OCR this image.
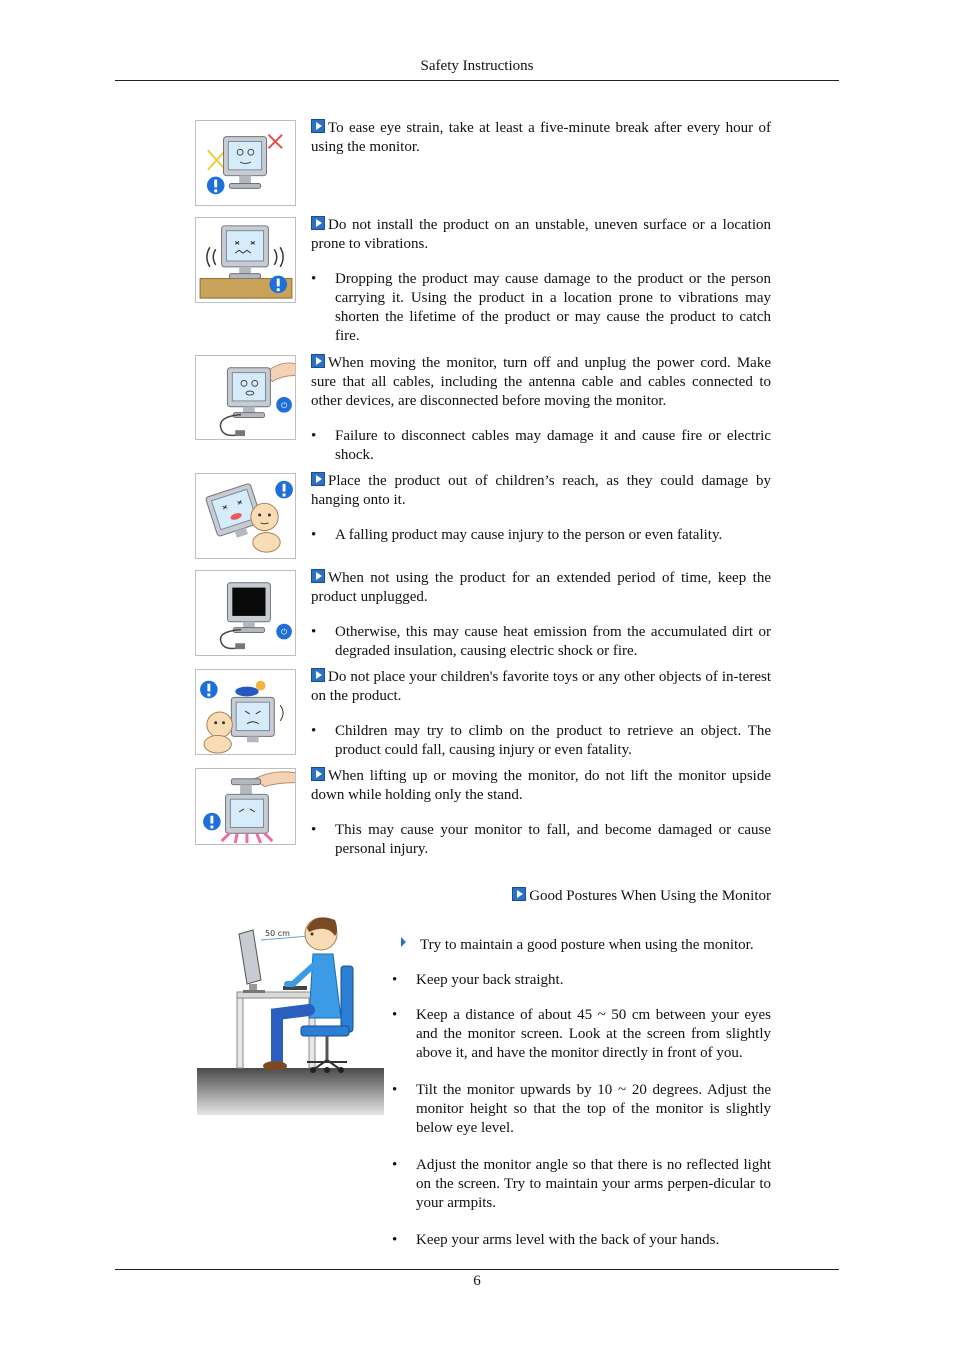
Safety Instructions

To ease eye strain, take at least a five-minute break after every hour of using the monitor.

Do not install the product on an unstable, uneven surface or a location prone to vibrations.

• Dropping the product may cause damage to the product or the person carrying it. Using the product in a location prone to vibrations may shorten the lifetime of the product or may cause the product to catch fire.
⏻

When moving the monitor, turn off and unplug the power cord. Make sure that all cables, including the antenna cable and cables connected to other devices, are disconnected before moving the monitor.

• Failure to disconnect cables may damage it and cause fire or electric shock.

Place the product out of children’s reach, as they could damage by hanging onto it.

• A falling product may cause injury to the person or even fatality.
⏻

When not using the product for an extended period of time, keep the product unplugged.

• Otherwise, this may cause heat emission from the accumulated dirt or degraded insulation, causing electric shock or fire.

Do not place your children's favorite toys or any other objects of in-terest on the product.

• Children may try to climb on the product to retrieve an object. The product could fall, causing injury or even fatality.

When lifting up or moving the monitor, do not lift the monitor upside down while holding only the stand.

• This may cause your monitor to fall, and become damaged or cause personal injury.
Good Postures When Using the Monitor
50 cm

Try to maintain a good posture when using the monitor.

• Keep your back straight.
• Keep a distance of about 45 ~ 50 cm between your eyes and the monitor screen. Look at the screen from slightly above it, and have the monitor directly in front of you.
• Tilt the monitor upwards by 10 ~ 20 degrees. Adjust the monitor height so that the top of the monitor is slightly below eye level.
• Adjust the monitor angle so that there is no reflected light on the screen. Try to maintain your arms perpen-dicular to your armpits.
• Keep your arms level with the back of your hands.
6
